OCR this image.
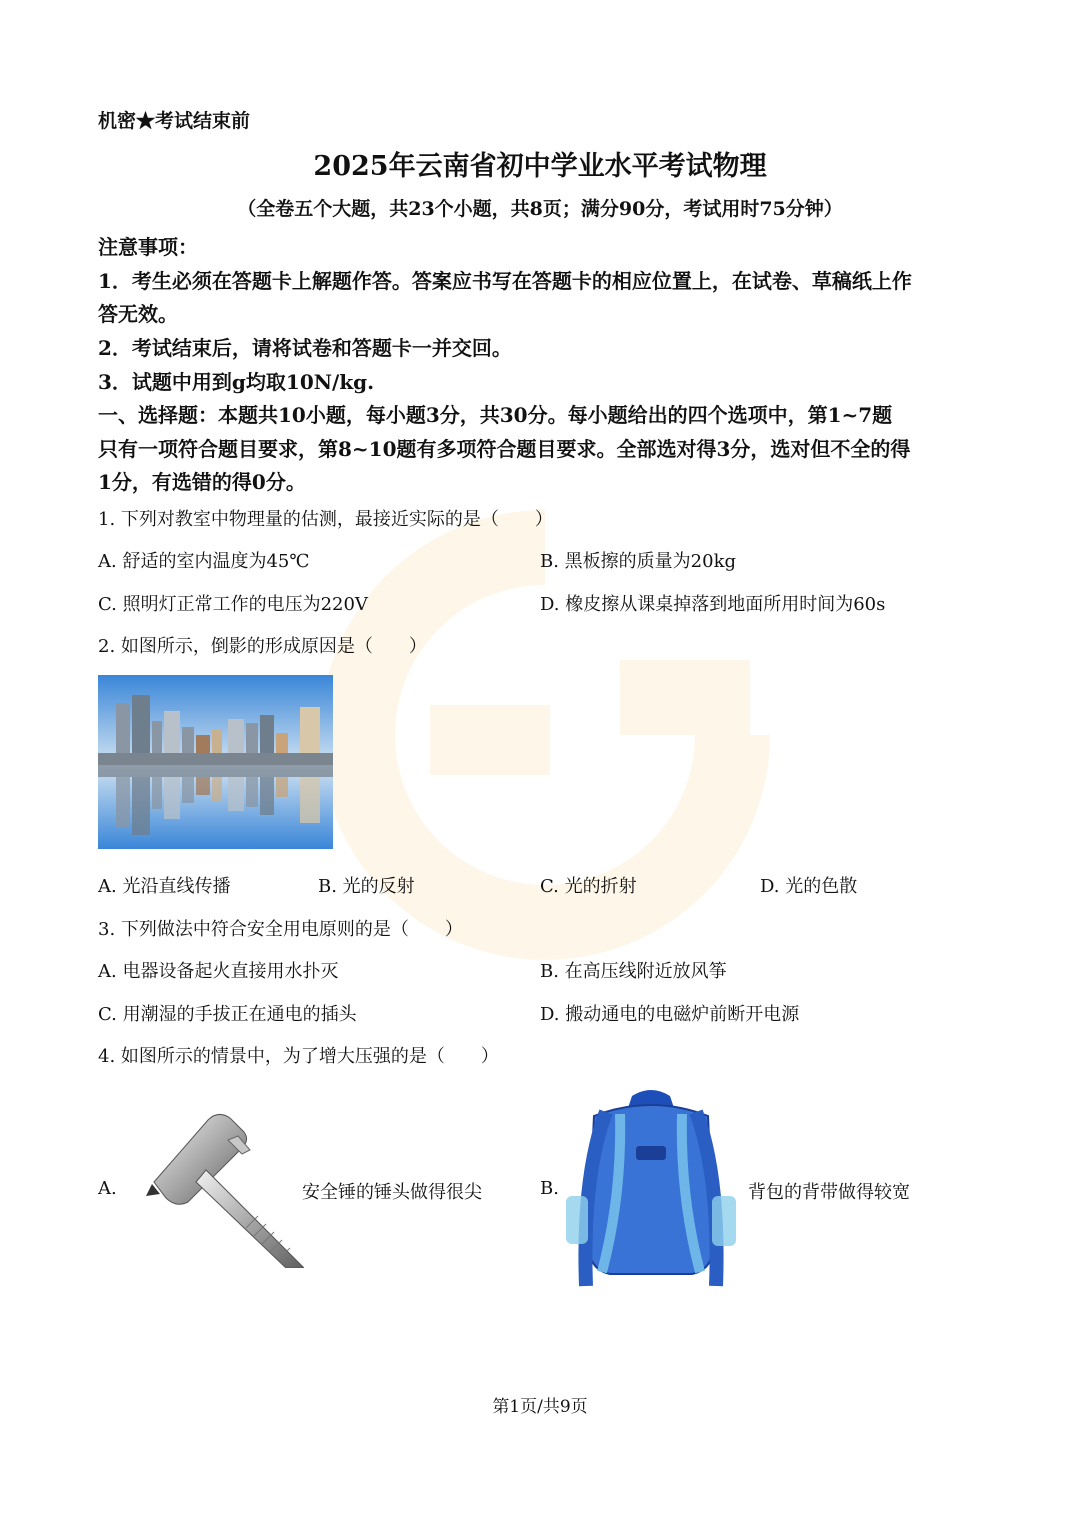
机密★考试结束前
2025年云南省初中学业水平考试物理
（全卷五个大题，共23个小题，共8页；满分90分，考试用时75分钟）
注意事项：
1．考生必须在答题卡上解题作答。答案应书写在答题卡的相应位置上，在试卷、草稿纸上作
答无效。
2．考试结束后，请将试卷和答题卡一并交回。
3．试题中用到g均取10N/kg.
一、选择题：本题共10小题，每小题3分，共30分。每小题给出的四个选项中，第1~7题
只有一项符合题目要求，第8~10题有多项符合题目要求。全部选对得3分，选对但不全的得
1分，有选错的得0分。
1. 下列对教室中物理量的估测，最接近实际的是（　　）
A. 舒适的室内温度为45℃	B. 黑板擦的质量为20kg
C. 照明灯正常工作的电压为220V	D. 橡皮擦从课桌掉落到地面所用时间为60s
2. 如图所示，倒影的形成原因是（　　）
A. 光沿直线传播	B. 光的反射	C. 光的折射	D. 光的色散
3. 下列做法中符合安全用电原则的是（　　）
A. 电器设备起火直接用水扑灭	B. 在高压线附近放风筝
C. 用潮湿的手拔正在通电的插头	D. 搬动通电的电磁炉前断开电源
4. 如图所示的情景中，为了增大压强的是（　　）
A.	安全锤的锤头做得很尖	B.	背包的背带做得较宽
第1页/共9页
